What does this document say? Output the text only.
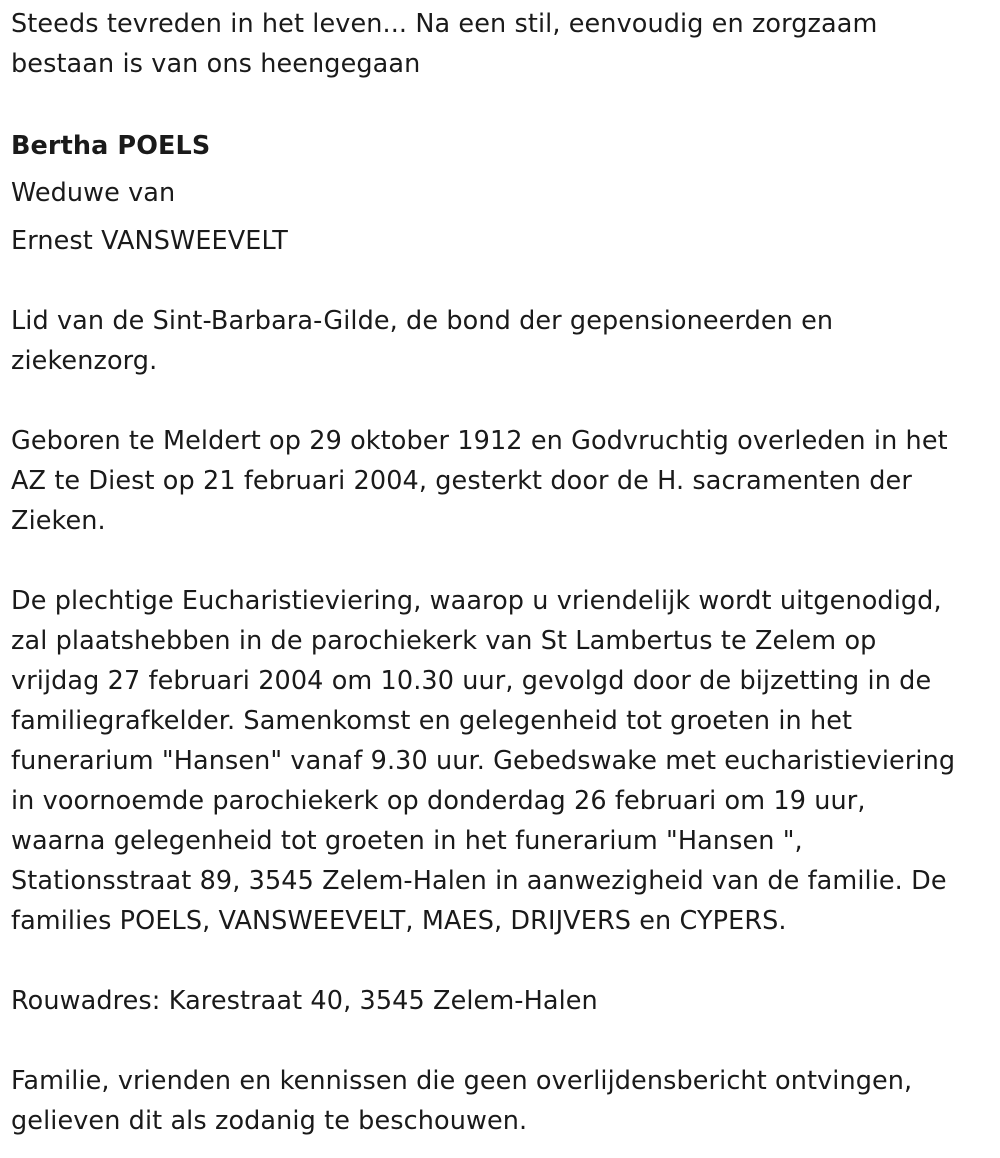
Steeds tevreden in het leven... Na een stil, eenvoudig en zorgzaam
bestaan is van ons heengegaan
Bertha POELS
Weduwe van
Ernest VANSWEEVELT
Lid van de Sint-Barbara-Gilde, de bond der gepensioneerden en
ziekenzorg.
Geboren te Meldert op 29 oktober 1912 en Godvruchtig overleden in het
AZ te Diest op 21 februari 2004, gesterkt door de H. sacramenten der
Zieken.
De plechtige Eucharistieviering, waarop u vriendelijk wordt uitgenodigd,
zal plaatshebben in de parochiekerk van St Lambertus te Zelem op
vrijdag 27 februari 2004 om 10.30 uur, gevolgd door de bijzetting in de
familiegrafkelder. Samenkomst en gelegenheid tot groeten in het
funerarium "Hansen" vanaf 9.30 uur. Gebedswake met eucharistieviering
in voornoemde parochiekerk op donderdag 26 februari om 19 uur,
waarna gelegenheid tot groeten in het funerarium "Hansen ",
Stationsstraat 89, 3545 Zelem-Halen in aanwezigheid van de familie. De
families POELS, VANSWEEVELT, MAES, DRIJVERS en CYPERS.
Rouwadres: Karestraat 40, 3545 Zelem-Halen
Familie, vrienden en kennissen die geen overlijdensbericht ontvingen,
gelieven dit als zodanig te beschouwen.
